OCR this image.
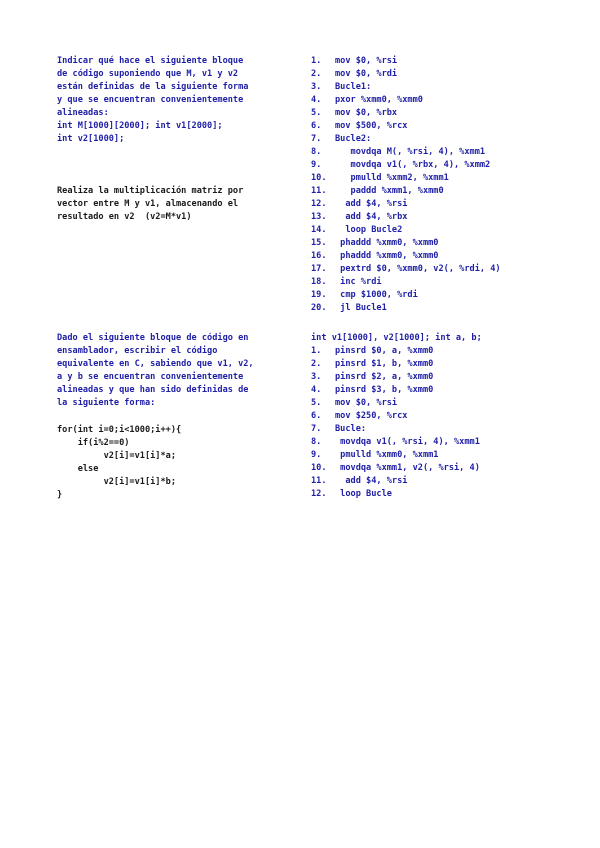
Indicar qué hace el siguiente bloque
de código suponiendo que M, v1 y v2
están definidas de la siguiente forma
y que se encuentran convenientemente
alineadas:
int M[1000][2000]; int v1[2000];
int v2[1000];
Realiza la multiplicación matriz por
vector entre M y v1, almacenando el
resultado en v2  (v2=M*v1)
1. mov $0, %rsi
2. mov $0, %rdi
3. Bucle1:
4. pxor %xmm0, %xmm0
5. mov $0, %rbx
6. mov $500, %rcx
7. Bucle2:
8.   movdqa M(, %rsi, 4), %xmm1
9.   movdqa v1(, %rbx, 4), %xmm2
10.   pmulld %xmm2, %xmm1
11.   paddd %xmm1, %xmm0
12.  add $4, %rsi
13.  add $4, %rbx
14.  loop Bucle2
15. phaddd %xmm0, %xmm0
16. phaddd %xmm0, %xmm0
17. pextrd $0, %xmm0, v2(, %rdi, 4)
18. inc %rdi
19. cmp $1000, %rdi
20. jl Bucle1
Dado el siguiente bloque de código en
ensamblador, escribir el código
equivalente en C, sabiendo que v1, v2,
a y b se encuentran convenientemente
alineadas y que han sido definidas de
la siguiente forma:
for(int i=0;i<1000;i++){
if(i%2==0)
v2[i]=v1[i]*a;
else
v2[i]=v1[i]*b;
}
int v1[1000], v2[1000]; int a, b;
1. pinsrd $0, a, %xmm0
2. pinsrd $1, b, %xmm0
3. pinsrd $2, a, %xmm0
4. pinsrd $3, b, %xmm0
5. mov $0, %rsi
6. mov $250, %rcx
7. Bucle:
8. movdqa v1(, %rsi, 4), %xmm1
9. pmulld %xmm0, %xmm1
10. movdqa %xmm1, v2(, %rsi, 4)
11.  add $4, %rsi
12. loop Bucle
